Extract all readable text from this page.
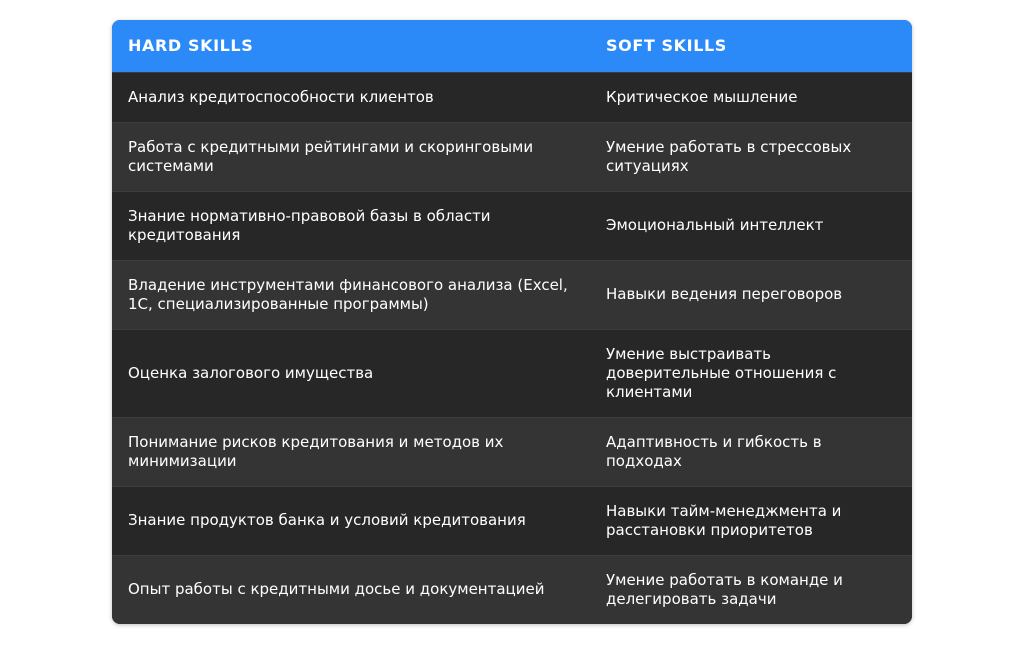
HARD SKILLS	SOFT SKILLS
Анализ кредитоспособности клиентов	Критическое мышление
Работа с кредитными рейтингами и скоринговыми системами	Умение работать в стрессовых ситуациях
Знание нормативно-правовой базы в области кредитования	Эмоциональный интеллект
Владение инструментами финансового анализа (Excel, 1С, специализированные программы)	Навыки ведения переговоров
Оценка залогового имущества	Умение выстраивать доверительные отношения с клиентами
Понимание рисков кредитования и методов их минимизации	Адаптивность и гибкость в подходах
Знание продуктов банка и условий кредитования	Навыки тайм-менеджмента и расстановки приоритетов
Опыт работы с кредитными досье и документацией	Умение работать в команде и делегировать задачи
